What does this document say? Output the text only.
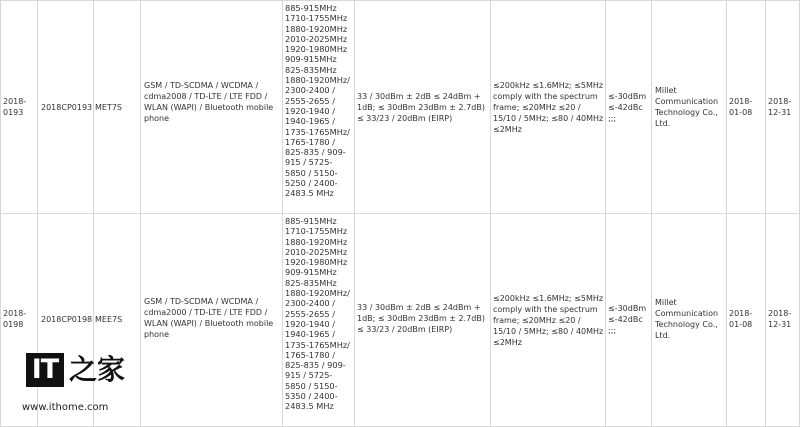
2018-
0193
2018CP0193 MET7S
GSM / TD-SCDMA / WCDMA / cdma2008 / TD-LTE / LTE FDD / WLAN (WAPI) / Bluetooth mobile phone
885-915MHz
1710-1755MHz
1880-1920MHz
2010-2025MHz
1920-1980MHz
909-915MHz
825-835MHz
1880-1920MHz/
2300-2400 /
2555-2655 /
1920-1940 /
1940-1965 /
1735-1765MHz/
1765-1780 /
825-835 / 909-
915 / 5725-
5850 / 5150-
5250 / 2400-
2483.5 MHz
33 / 30dBm ± 2dB ≤ 24dBm + 1dB; ≤ 30dBm 23dBm ± 2.7dB) ≤ 33/23 / 20dBm (EIRP)
≤200kHz ≤1.6MHz; ≤5MHz comply with the spectrum frame; ≤20MHz ≤20 / 15/10 / 5MHz; ≤80 / 40MHz ≤2MHz
≤-30dBm ≤-42dBc ;;;
Millet Communication Technology Co., Ltd.
2018-
01-08
2018-
12-31
2018-
0198
2018CP0198 MEE7S
GSM / TD-SCDMA / WCDMA / cdma2000 / TD-LTE / LTE FDD / WLAN (WAPI) / Bluetooth mobile phone
885-915MHz
1710-1755MHz
1880-1920MHz
2010-2025MHz
1920-1980MHz
909-915MHz
825-835MHz
1880-1920MHz/
2300-2400 /
2555-2655 /
1920-1940 /
1940-1965 /
1735-1765MHz/
1765-1780 /
825-835 / 909-
915 / 5725-
5850 / 5150-
5350 / 2400-
2483.5 MHz
33 / 30dBm ± 2dB ≤ 24dBm + 1dB; ≤ 30dBm 23dBm ± 2.7dB) ≤ 33/23 / 20dBm (EIRP)
≤200kHz ≤1.6MHz; ≤5MHz comply with the spectrum frame; ≤20MHz ≤20 / 15/10 / 5MHz; ≤80 / 40MHz ≤2MHz
≤-30dBm ≤-42dBc ;;;
Millet Communication Technology Co., Ltd.
2018-
01-08
2018-
12-31
IT 之家
www.ithome.com
